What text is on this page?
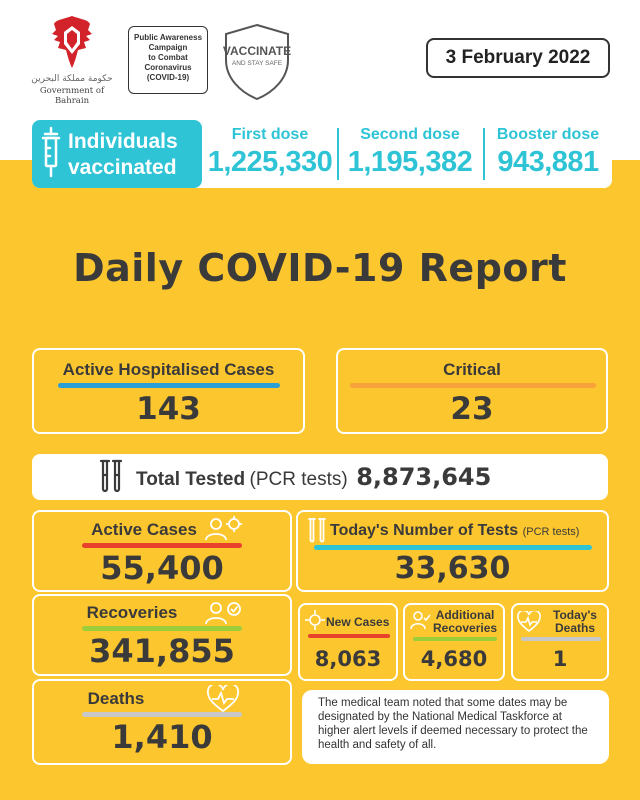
حكومة مملكة البحرين
Government of Bahrain
Public Awareness
Campaign
to Combat
Coronavirus
(COVID-19)
VACCINATE
AND STAY SAFE	3 February 2022
Individuals
vaccinated
First dose
1,225,330
Second dose
1,195,382
Booster dose
943,881
Daily COVID-19 Report
Active Hospitalised Cases
143
Critical
23
Total Tested (PCR tests) 8,873,645
Active Cases
55,400
Today's Number of Tests (PCR tests)
33,630
Recoveries
341,855
New Cases
8,063
Additional
Recoveries
4,680
Today's
Deaths
1
Deaths
1,410
The medical team noted that some dates may be designated by the National Medical Taskforce at higher alert levels if deemed necessary to protect the health and safety of all.
